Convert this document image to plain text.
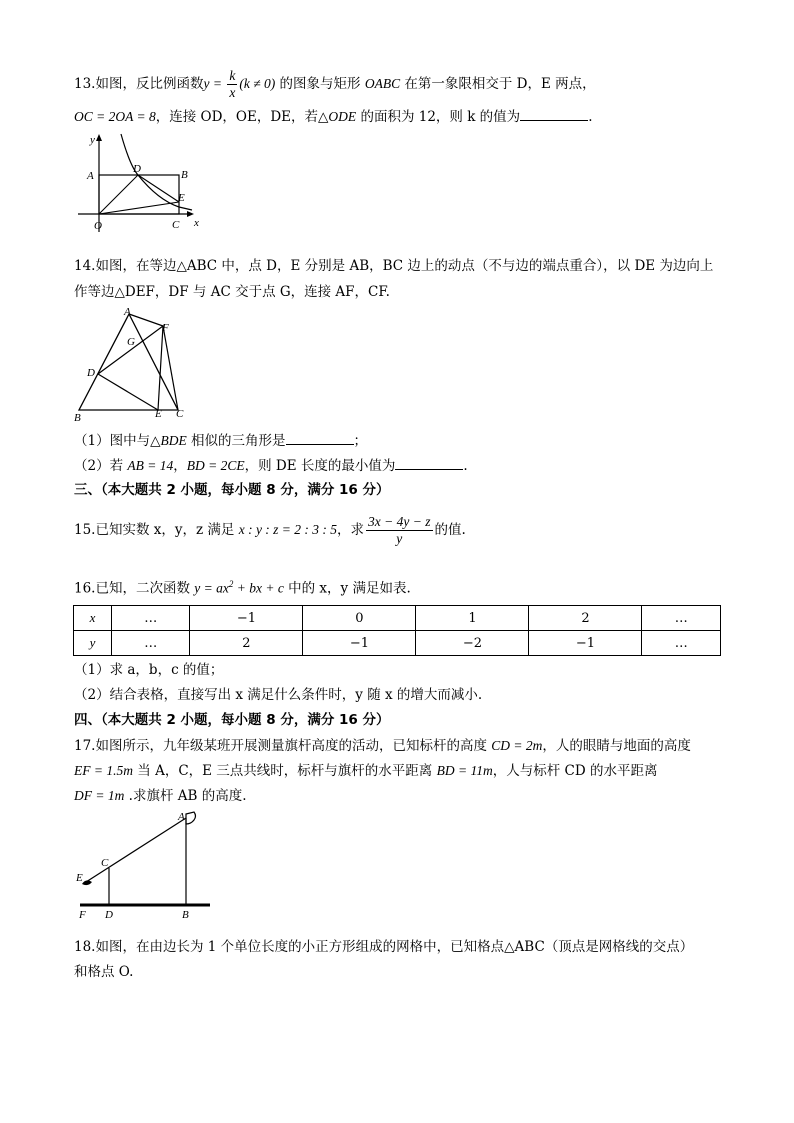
13.如图，反比例函数$y = \frac{k}{x} (k \ne 0)$ 的图象与矩形 OABC 在第一象限相交于 D，E 两点，
OC = 2OA = 8，连接 OD，OE，DE，若△ODE 的面积为 12，则 k 的值为	.
y
x
A	B
C
D
E
O
14.如图，在等边△ABC 中，点 D，E 分别是 AB，BC 边上的动点（不与边的端点重合），以 DE 为边向上
作等边△DEF，DF 与 AC 交于点 G，连接 AF，CF.
A
F
G
D
B	E C
（1）图中与△BDE 相似的三角形是	；
（2）若 AB = 14，BD = 2CE，则 DE 长度的最小值为	.
三、（本大题共 2 小题，每小题 8 分，满分 16 分）
15.已知实数 x，y，z 满足 x : y : z = 2 : 3 : 5，求 $\frac{3x - 4y - z}{y}$ 的值.
16.已知，二次函数 $y = ax^2$ + bx + c 中的 x，y 满足如表.
x	…	−1	0	1	2	…
y	…	2	−1	−2	−1	…
（1）求 a，b，c 的值；
（2）结合表格，直接写出 x 满足什么条件时，y 随 x 的增大而减小.
四、（本大题共 2 小题，每小题 8 分，满分 16 分）
17.如图所示，九年级某班开展测量旗杆高度的活动，已知标杆的高度 CD = 2m，人的眼睛与地面的高度
EF = 1.5m 当 A，C，E 三点共线时，标杆与旗杆的水平距离 BD = 11m，人与标杆 CD 的水平距离
DF = 1m .求旗杆 AB 的高度.
A
C
E
F D	B
18.如图，在由边长为 1 个单位长度的小正方形组成的网格中，已知格点△ABC（顶点是网格线的交点）
和格点 O.
